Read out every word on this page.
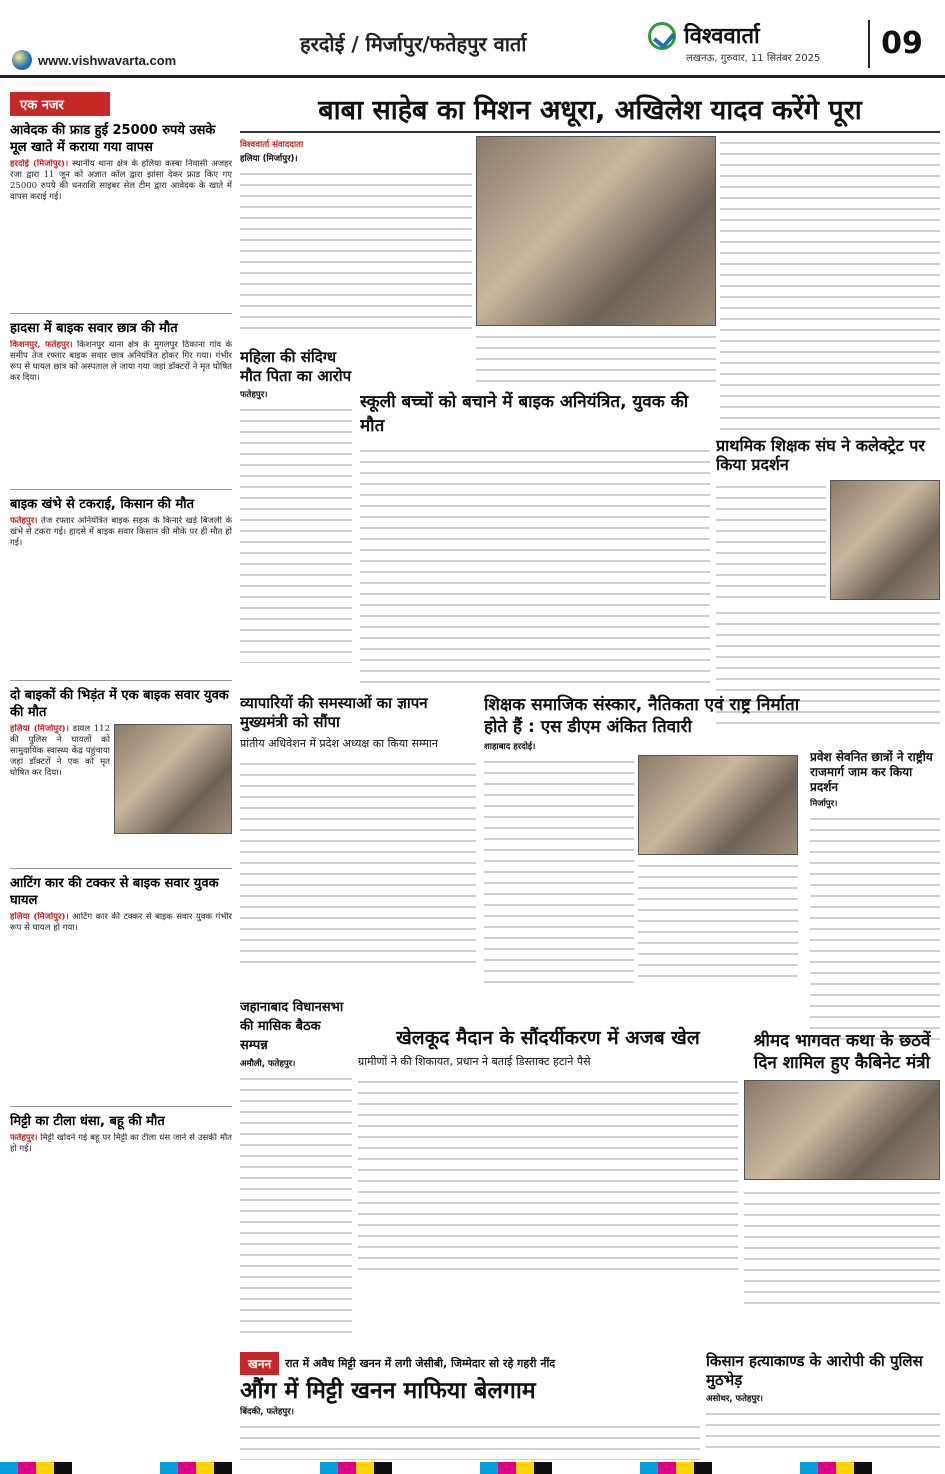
www.vishwavarta.com
हरदोई / मिर्जापुर/फतेहपुर वार्ता	विश्ववार्ता
लखनऊ, गुरुवार, 11 सितंबर 2025	09
एक नजर
आवेदक की फ्राड हुई 25000 रुपये उसके मूल खाते में कराया गया वापस
हरदोई (मिर्जापुर)। स्थानीय थाना क्षेत्र के हलिया कस्बा निवासी अजहर रजा द्वारा 11 जून को अज्ञात कॉल द्वारा झांसा देकर फ्राड किए गए 25000 रुपये की धनराशि साइबर सेल टीम द्वारा आवेदक के खाते में वापस कराई गई।
हादसा में बाइक सवार छात्र की मौत
किशनपुर, फतेहपुर। किशनपुर थाना क्षेत्र के मुगलपुर ठिकाना गांव के समीप तेज रफ्तार बाइक सवार छात्र अनियंत्रित होकर गिर गया। गंभीर रूप से घायल छात्र को अस्पताल ले जाया गया जहां डॉक्टरों ने मृत घोषित कर दिया।
बाइक खंभे से टकराई, किसान की मौत
फतेहपुर। तेज रफ्तार अनियंत्रित बाइक सड़क के किनारे खड़े बिजली के खंभे से टकरा गई। हादसे में बाइक सवार किसान की मौके पर ही मौत हो गई।
दो बाइकों की भिड़ंत में एक बाइक सवार युवक की मौत
हलिया (मिर्जापुर)। डायल 112 की पुलिस ने घायलों को सामुदायिक स्वास्थ्य केंद्र पहुंचाया जहां डॉक्टरों ने एक को मृत घोषित कर दिया।
आटिंग कार की टक्कर से बाइक सवार युवक घायल
हलिया (मिर्जापुर)। आटिंग कार की टक्कर से बाइक सवार युवक गंभीर रूप से घायल हो गया।
मिट्टी का टीला धंसा, बहू की मौत
फतेहपुर। मिट्टी खोदने गई बहू पर मिट्टी का टीला धंस जाने से उसकी मौत हो गई।
बाबा साहेब का मिशन अधूरा, अखिलेश यादव करेंगे पूरा
विश्ववार्ता संवाददाता
हलिया (मिर्जापुर)।
महिला की संदिग्ध मौत पिता का आरोप
फतेहपुर।	स्कूली बच्चों को बचाने में बाइक अनियंत्रित, युवक की मौत
प्राथमिक शिक्षक संघ ने कलेक्ट्रेट पर किया प्रदर्शन
व्यापारियों की समस्याओं का ज्ञापन मुख्यमंत्री को सौंपा
प्रांतीय अधिवेशन में प्रदेश अध्यक्ष का किया सम्मान
शिक्षक समाजिक संस्कार, नैतिकता एवं राष्ट्र निर्माता होते हैं : एस डीएम अंकित तिवारी
शाहाबाद हरदोई।
प्रवेश सेवनित छात्रों ने राष्ट्रीय राजमार्ग जाम कर किया प्रदर्शन
मिर्जापुर।
जहानाबाद विधानसभा की मासिक बैठक सम्पन्न
अमौली, फतेहपुर।
खेलकूद मैदान के सौंदर्यीकरण में अजब खेल
ग्रामीणों ने की शिकायत, प्रधान ने बताई डिस्ताक्ट हटाने पैसे
श्रीमद भागवत कथा के छठवें दिन शामिल हुए कैबिनेट मंत्री
खनन	रात में अवैध मिट्टी खनन में लगी जेसीबी, जिम्मेदार सो रहे गहरी नींद
औंग में मिट्टी खनन माफिया बेलगाम
बिंदकी, फतेहपुर।
किसान हत्याकाण्ड के आरोपी की पुलिस मुठभेड़
असोथर, फतेहपुर।
